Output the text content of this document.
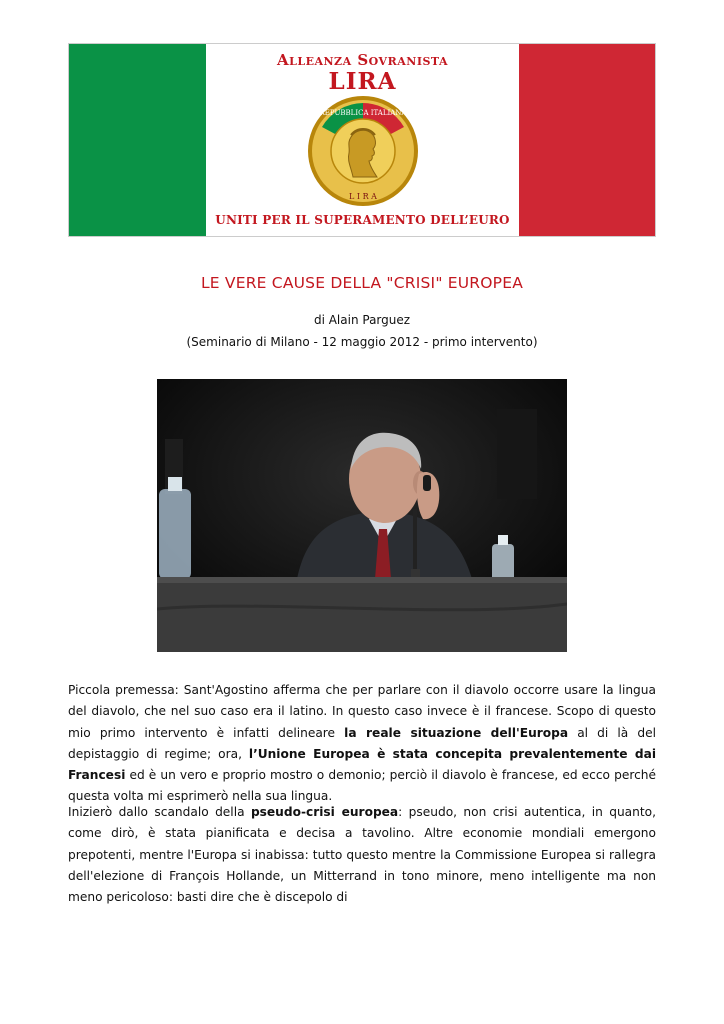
Alleanza Sovranista
LIRA
REPUBBLICA ITALIANA
L I R A
UNITI PER IL SUPERAMENTO DELL’EURO
LE VERE CAUSE DELLA "CRISI" EUROPEA
di Alain Parguez
(Seminario di Milano - 12 maggio 2012 - primo intervento)
Piccola premessa: Sant'Agostino afferma che per parlare con il diavolo occorre usare la lingua del diavolo, che nel suo caso era il latino. In questo caso invece è il francese. Scopo di questo mio primo intervento è infatti delineare la reale situazione dell'Europa al di là del depistaggio di regime; ora, l’Unione Europea è stata concepita prevalentemente dai Francesi ed è un vero e proprio mostro o demonio; perciò il diavolo è francese, ed ecco perché questa volta mi esprimerò nella sua lingua.
Inizierò dallo scandalo della pseudo-crisi europea: pseudo, non crisi autentica, in quanto, come dirò, è stata pianificata e decisa a tavolino. Altre economie mondiali emergono prepotenti, mentre l'Europa si inabissa: tutto questo mentre la Commissione Europea si rallegra dell'elezione di François Hollande, un Mitterrand in tono minore, meno intelligente ma non meno pericoloso: basti dire che è discepolo di
